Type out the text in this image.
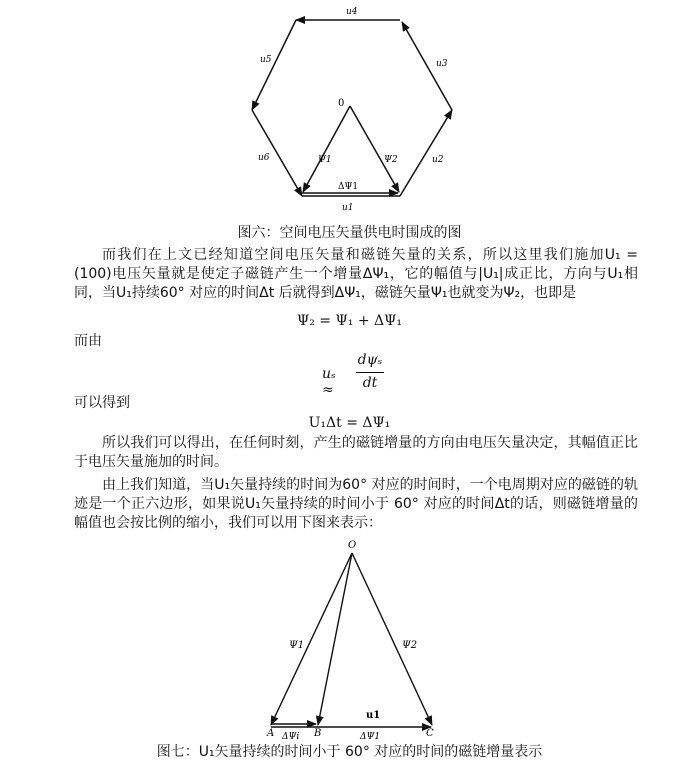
u4
u5	u3
u6	u2
u1
0
Ψ1	Ψ2
ΔΨ1
图六：空间电压矢量供电时围成的图

而我们在上文已经知道空间电压矢量和磁链矢量的关系，所以这里我们施加U₁ = (100)电压矢量就是使定子磁链产生一个增量ΔΨ₁，它的幅值与|U₁|成正比，方向与U₁相同，当U₁持续60° 对应的时间Δt 后就得到ΔΨ₁，磁链矢量Ψ₁也就变为Ψ₂，也即是

Ψ₂ = Ψ₁ + ΔΨ₁

而由

uₛ ≈
dψₛ
dt

可以得到

U₁Δt = ΔΨ₁

所以我们可以得出，在任何时刻，产生的磁链增量的方向由电压矢量决定，其幅值正比于电压矢量施加的时间。

由上我们知道，当U₁矢量持续的时间为60° 对应的时间时，一个电周期对应的磁链的轨迹是一个正六边形，如果说U₁矢量持续的时间小于 60° 对应的时间Δt的话，则磁链增量的幅值也会按比例的缩小，我们可以用下图来表示：

O
Ψ1	Ψ2
u1
A	B	C
ΔΨi	ΔΨ1
图七：U₁矢量持续的时间小于 60° 对应的时间的磁链增量表示
